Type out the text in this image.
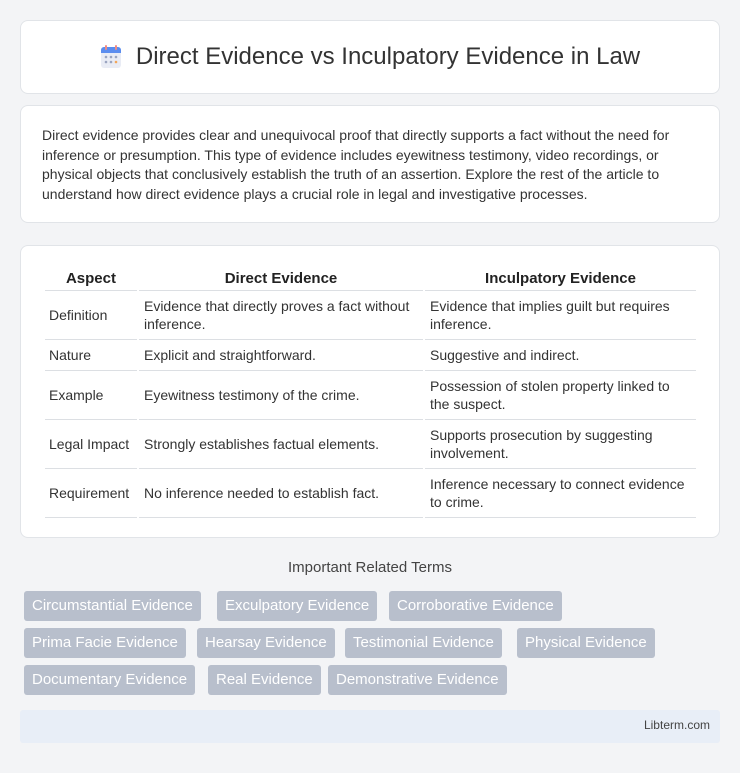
Direct Evidence vs Inculpatory Evidence in Law

Direct evidence provides clear and unequivocal proof that directly supports a fact without the need for inference or presumption. This type of evidence includes eyewitness testimony, video recordings, or physical objects that conclusively establish the truth of an assertion. Explore the rest of the article to understand how direct evidence plays a crucial role in legal and investigative processes.

Aspect	Direct Evidence	Inculpatory Evidence
Definition	Evidence that directly proves a fact without inference.	Evidence that implies guilt but requires inference.
Nature	Explicit and straightforward.	Suggestive and indirect.
Example	Eyewitness testimony of the crime.	Possession of stolen property linked to the suspect.
Legal Impact	Strongly establishes factual elements.	Supports prosecution by suggesting involvement.
Requirement	No inference needed to establish fact.	Inference necessary to connect evidence to crime.
Important Related Terms
Circumstantial Evidence	Exculpatory Evidence	Corroborative Evidence
Prima Facie Evidence	Hearsay Evidence	Testimonial Evidence	Physical Evidence
Documentary Evidence	Real Evidence	Demonstrative Evidence
Libterm.com
